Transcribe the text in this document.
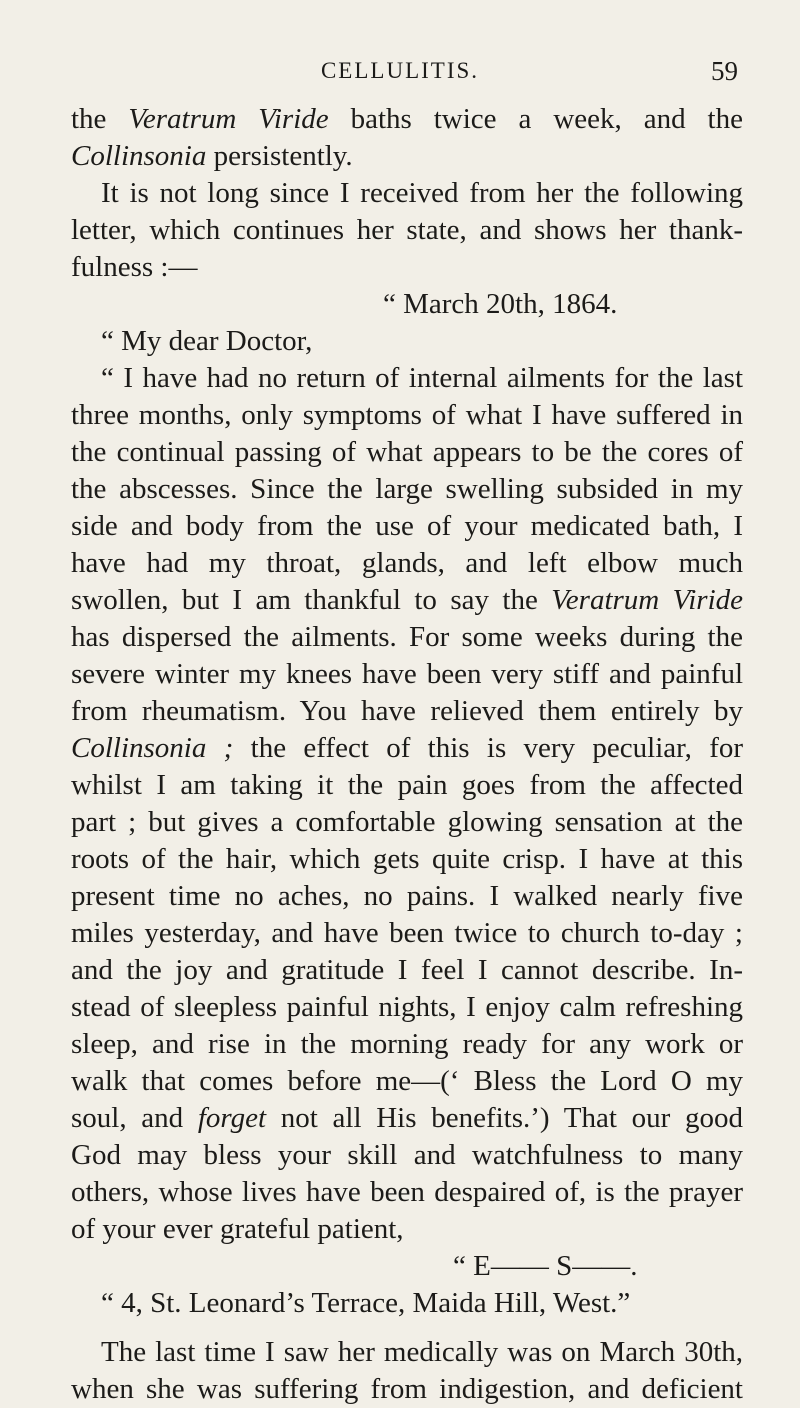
CELLULITIS.	59
the Veratrum Viride baths twice a week, and the
Collinsonia persistently.
It is not long since I received from her the following
letter, which continues her state, and shows her thank-
fulness :—
“ March 20th, 1864.
“ My dear Doctor,
“ I have had no return of internal ailments for the last
three months, only symptoms of what I have suffered in
the continual passing of what appears to be the cores of
the abscesses. Since the large swelling subsided in my
side and body from the use of your medicated bath, I
have had my throat, glands, and left elbow much
swollen, but I am thankful to say the Veratrum Viride
has dispersed the ailments. For some weeks during the
severe winter my knees have been very stiff and painful
from rheumatism. You have relieved them entirely by
Collinsonia ; the effect of this is very peculiar, for
whilst I am taking it the pain goes from the affected
part ; but gives a comfortable glowing sensation at the
roots of the hair, which gets quite crisp. I have at this
present time no aches, no pains. I walked nearly five
miles yesterday, and have been twice to church to-day ;
and the joy and gratitude I feel I cannot describe. In-
stead of sleepless painful nights, I enjoy calm refreshing
sleep, and rise in the morning ready for any work or
walk that comes before me—(‘ Bless the Lord O my
soul, and forget not all His benefits.’) That our good
God may bless your skill and watchfulness to many
others, whose lives have been despaired of, is the prayer
of your ever grateful patient,
“ E—— S——.
“ 4, St. Leonard’s Terrace, Maida Hill, West.”
The last time I saw her medically was on March 30th,
when she was suffering from indigestion, and deficient
